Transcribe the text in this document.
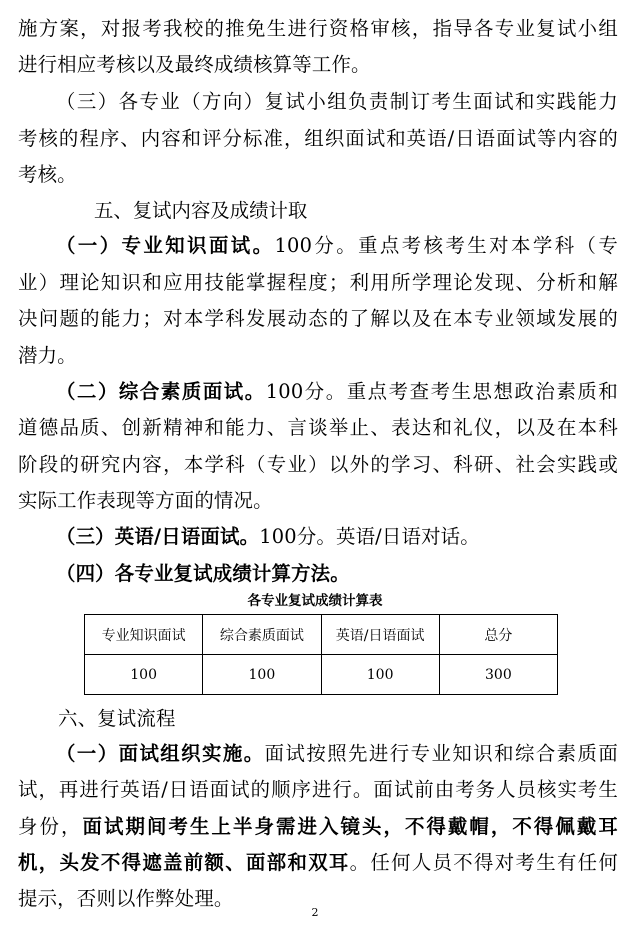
施方案，对报考我校的推免生进行资格审核，指导各专业复试小组
进行相应考核以及最终成绩核算等工作。
（三）各专业（方向）复试小组负责制订考生面试和实践能力
考核的程序、内容和评分标准，组织面试和英语/日语面试等内容的
考核。
五、复试内容及成绩计取
（一）专业知识面试。100分。重点考核考生对本学科（专
业）理论知识和应用技能掌握程度；利用所学理论发现、分析和解
决问题的能力；对本学科发展动态的了解以及在本专业领域发展的
潜力。
（二）综合素质面试。100分。重点考查考生思想政治素质和
道德品质、创新精神和能力、言谈举止、表达和礼仪，以及在本科
阶段的研究内容，本学科（专业）以外的学习、科研、社会实践或
实际工作表现等方面的情况。
（三）英语/日语面试。100分。英语/日语对话。
（四）各专业复试成绩计算方法。
各专业复试成绩计算表
专业知识面试	综合素质面试	英语/日语面试	总分
100	100	100	300
六、复试流程
（一）面试组织实施。面试按照先进行专业知识和综合素质面
试，再进行英语/日语面试的顺序进行。面试前由考务人员核实考生
身份，面试期间考生上半身需进入镜头，不得戴帽，不得佩戴耳
机，头发不得遮盖前额、面部和双耳。任何人员不得对考生有任何
提示，否则以作弊处理。
2
